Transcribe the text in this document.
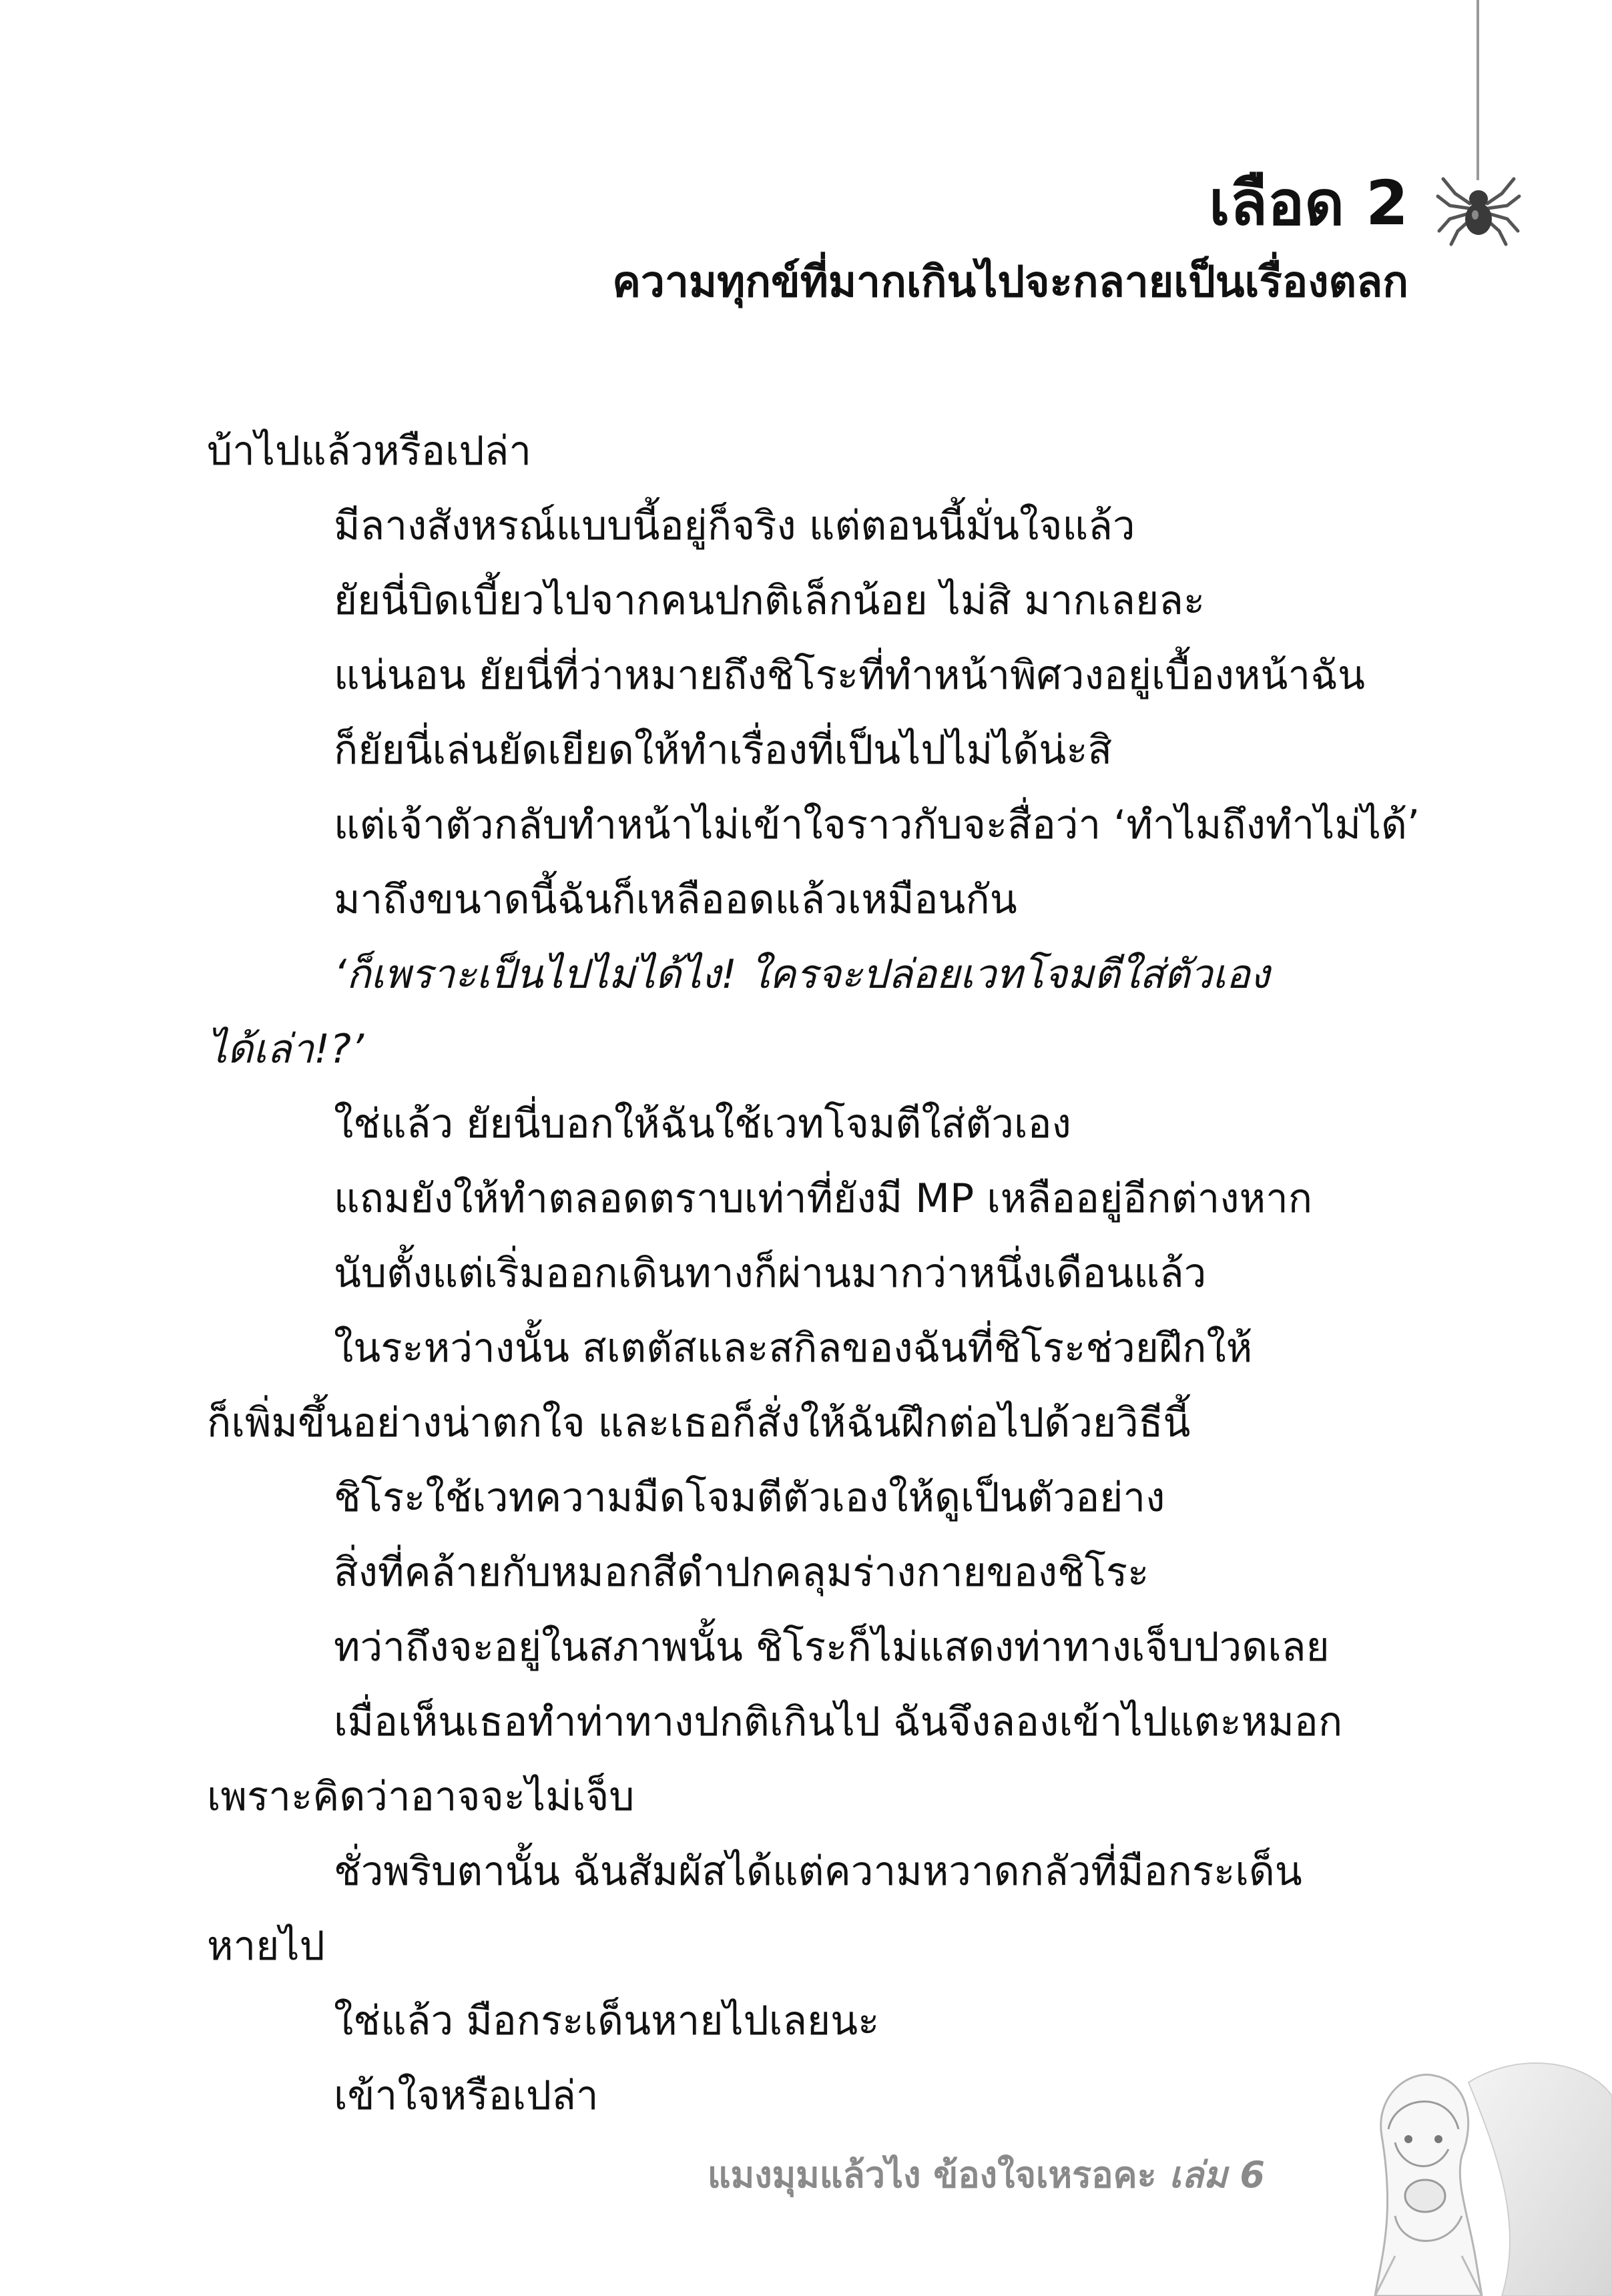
เลือด 2
ความทุกข์ที่มากเกินไปจะกลายเป็นเรื่องตลก

บ้าไปแล้วหรือเปล่า

มีลางสังหรณ์แบบนี้อยู่ก็จริง แต่ตอนนี้มั่นใจแล้ว

ยัยนี่บิดเบี้ยวไปจากคนปกติเล็กน้อย ไม่สิ มากเลยละ

แน่นอน ยัยนี่ที่ว่าหมายถึงชิโระที่ทำหน้าพิศวงอยู่เบื้องหน้าฉัน

ก็ยัยนี่เล่นยัดเยียดให้ทำเรื่องที่เป็นไปไม่ได้น่ะสิ

แต่เจ้าตัวกลับทำหน้าไม่เข้าใจราวกับจะสื่อว่า ‘ทำไมถึงทำไม่ได้’

มาถึงขนาดนี้ฉันก็เหลืออดแล้วเหมือนกัน

‘ก็เพราะเป็นไปไม่ได้ไง! ใครจะปล่อยเวทโจมตีใส่ตัวเอง

ได้เล่า!?’

ใช่แล้ว ยัยนี่บอกให้ฉันใช้เวทโจมตีใส่ตัวเอง

แถมยังให้ทำตลอดตราบเท่าที่ยังมี MP เหลืออยู่อีกต่างหาก

นับตั้งแต่เริ่มออกเดินทางก็ผ่านมากว่าหนึ่งเดือนแล้ว

ในระหว่างนั้น สเตตัสและสกิลของฉันที่ชิโระช่วยฝึกให้

ก็เพิ่มขึ้นอย่างน่าตกใจ และเธอก็สั่งให้ฉันฝึกต่อไปด้วยวิธีนี้

ชิโระใช้เวทความมืดโจมตีตัวเองให้ดูเป็นตัวอย่าง

สิ่งที่คล้ายกับหมอกสีดำปกคลุมร่างกายของชิโระ

ทว่าถึงจะอยู่ในสภาพนั้น ชิโระก็ไม่แสดงท่าทางเจ็บปวดเลย

เมื่อเห็นเธอทำท่าทางปกติเกินไป ฉันจึงลองเข้าไปแตะหมอก

เพราะคิดว่าอาจจะไม่เจ็บ

ชั่วพริบตานั้น ฉันสัมผัสได้แต่ความหวาดกลัวที่มือกระเด็น

หายไป

ใช่แล้ว มือกระเด็นหายไปเลยนะ

เข้าใจหรือเปล่า

แมงมุมแล้วไง ข้องใจเหรอคะ เล่ม 6
